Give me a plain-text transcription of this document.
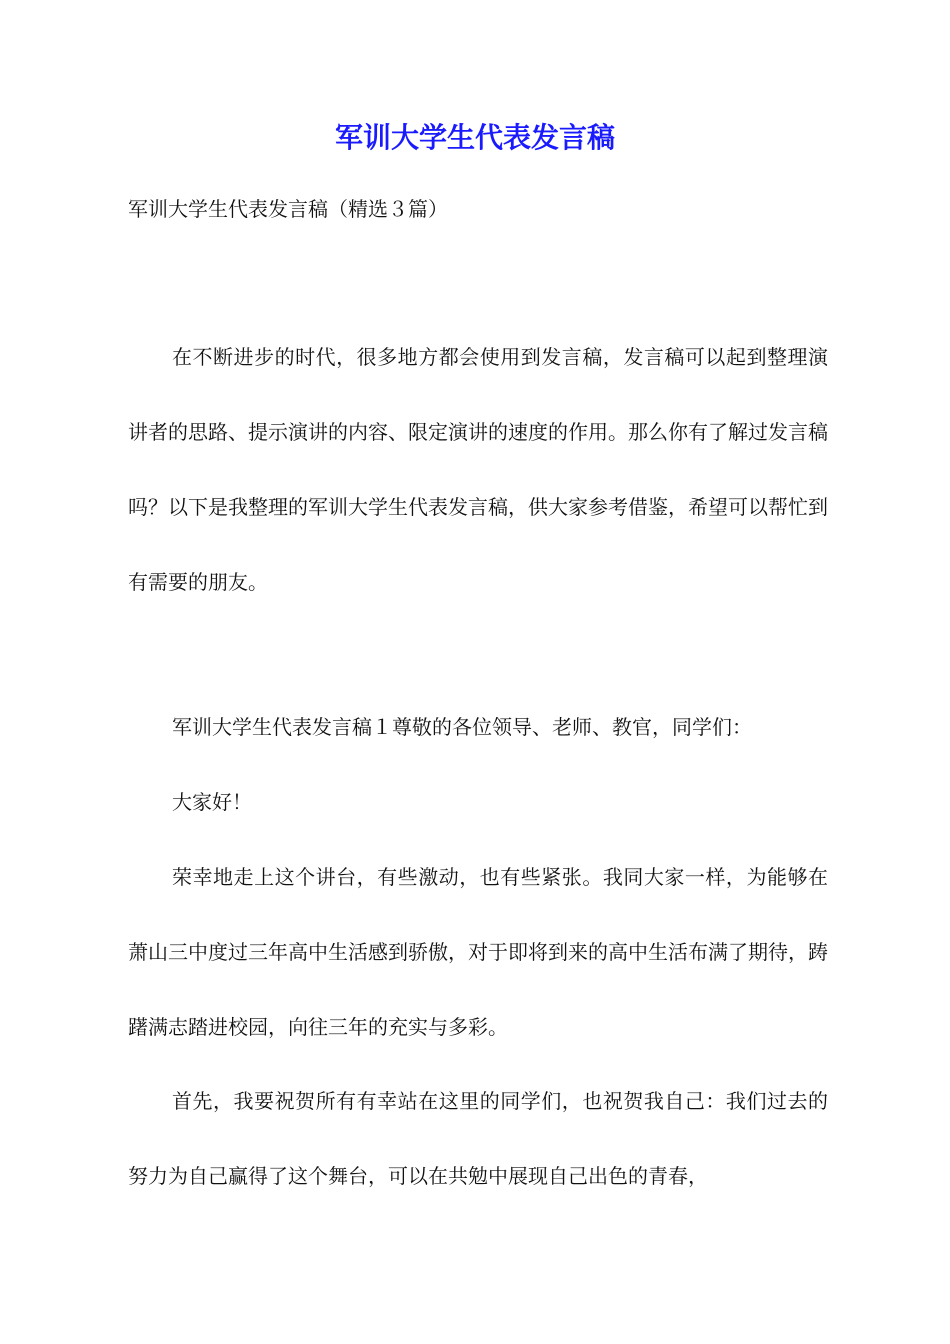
军训大学生代表发言稿

军训大学生代表发言稿（精选３篇）

在不断进步的时代，很多地方都会使用到发言稿，发言稿可以起到整理演讲者的思路、提示演讲的内容、限定演讲的速度的作用。那么你有了解过发言稿吗？以下是我整理的军训大学生代表发言稿，供大家参考借鉴，希望可以帮忙到有需要的朋友。

军训大学生代表发言稿１尊敬的各位领导、老师、教官，同学们：

大家好！

荣幸地走上这个讲台，有些激动，也有些紧张。我同大家一样，为能够在萧山三中度过三年高中生活感到骄傲，对于即将到来的高中生活布满了期待，踌躇满志踏进校园，向往三年的充实与多彩。

首先，我要祝贺所有有幸站在这里的同学们，也祝贺我自己：我们过去的努力为自己赢得了这个舞台，可以在共勉中展现自己出色的青春，
